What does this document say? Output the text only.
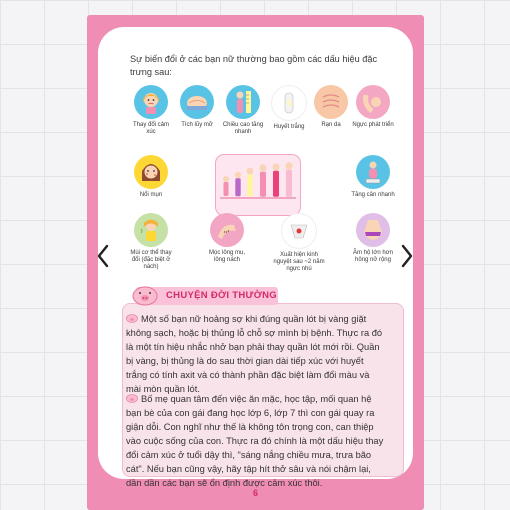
Sự biến đổi ở các bạn nữ thường bao gồm các dấu hiệu đặc trưng sau:
Thay đổi cảm xúc
Tích lũy mỡ	Chiều cao tăng nhanh
Huyết trắng	Rạn da	Ngực phát triển
Nổi mụn	Tăng cân nhanh
Mùi cơ thể thay đổi (đặc biệt ở nách)
Mọc lông mu, lông nách
Xuất hiện kinh nguyệt sau ~2 năm ngực nhú
Âm hộ lớn hơn hông nở rộng
CHUYỆN ĐỜI THƯỜNG
Một số bạn nữ hoảng sợ khi đúng quần lót bị vàng giặt không sạch, hoặc bị thủng lỗ chỗ sợ mình bị bệnh. Thực ra đó là một tín hiệu nhắc nhở bạn phải thay quần lót mới rồi. Quần bị vàng, bị thủng là do sau thời gian dài tiếp xúc với huyết trắng có tính axit và có thành phần đặc biệt làm đổi màu và mài mòn quần lót.
Bố mẹ quan tâm đến việc ăn mặc, học tập, mối quan hệ bạn bè của con gái đang học lớp 6, lớp 7 thì con gái quay ra giận dỗi. Con nghĩ như thế là không tôn trọng con, can thiệp vào cuộc sống của con. Thực ra đó chính là một dấu hiệu thay đổi cảm xúc ở tuổi dậy thì, "sáng nắng chiều mưa, trưa bão cát". Nếu bạn cũng vậy, hãy tập hít thở sâu và nói chậm lại, dần dần các bạn sẽ ổn định được cảm xúc thôi.
6
